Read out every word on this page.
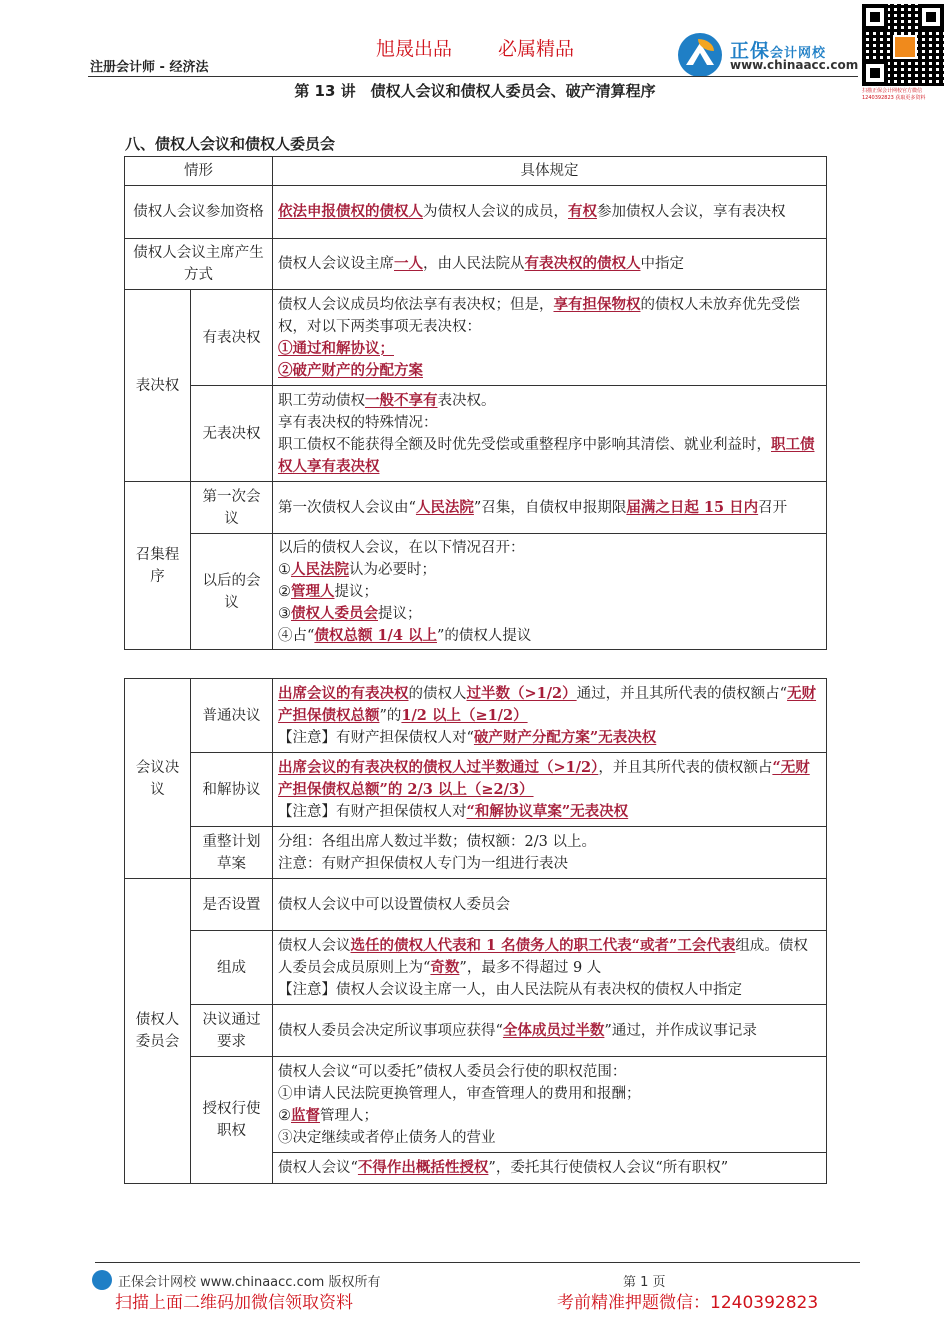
旭晟出品 必属精品
注册会计师 - 经济法
正保会计网校
www.chinaacc.com
扫描正保会计网校官方微信 1240392823 获取更多资料
第 13 讲　债权人会议和债权人委员会、破产清算程序
八、债权人会议和债权人委员会
情形		具体规定
债权人会议参加资格		依法申报债权的债权人为债权人会议的成员，有权参加债权人会议，享有表决权
债权人会议主席产生方式		债权人会议设主席一人，由人民法院从有表决权的债权人中指定
表决权	有表决权	债权人会议成员均依法享有表决权；但是，享有担保物权的债权人未放弃优先受偿权，对以下两类事项无表决权：
①通过和解协议；
②破产财产的分配方案
	无表决权	职工劳动债权一般不享有表决权。
享有表决权的特殊情况：
职工债权不能获得全额及时优先受偿或重整程序中影响其清偿、就业利益时，职工债权人享有表决权
召集程序	第一次会议	第一次债权人会议由“人民法院”召集，自债权申报期限届满之日起 15 日内召开
	以后的会议	以后的债权人会议，在以下情况召开：
①人民法院认为必要时；
②管理人提议；
③债权人委员会提议；
④占“债权总额 1/4 以上”的债权人提议
会议决议	普通决议	出席会议的有表决权的债权人过半数（>1/2）通过，并且其所代表的债权额占“无财产担保债权总额”的1/2 以上（≥1/2）
【注意】有财产担保债权人对“破产财产分配方案”无表决权
	和解协议	出席会议的有表决权的债权人过半数通过（>1/2），并且其所代表的债权额占“无财产担保债权总额”的 2/3 以上（≥2/3）
【注意】有财产担保债权人对“和解协议草案”无表决权
	重整计划草案	分组：各组出席人数过半数；债权额：2/3 以上。
注意：有财产担保债权人专门为一组进行表决
债权人委员会	是否设置	债权人会议中可以设置债权人委员会
	组成	债权人会议选任的债权人代表和 1 名债务人的职工代表“或者”工会代表组成。债权人委员会成员原则上为“奇数”，最多不得超过 9 人
【注意】债权人会议设主席一人，由人民法院从有表决权的债权人中指定
	决议通过要求	债权人委员会决定所议事项应获得“全体成员过半数”通过，并作成议事记录
	授权行使职权	债权人会议“可以委托”债权人委员会行使的职权范围：
①申请人民法院更换管理人，审查管理人的费用和报酬；
②监督管理人；
③决定继续或者停止债务人的营业
		债权人会议“不得作出概括性授权”，委托其行使债权人会议“所有职权”
正保会计网校 www.chinaacc.com 版权所有	第 1 页
扫描上面二维码加微信领取资料	考前精准押题微信：1240392823
